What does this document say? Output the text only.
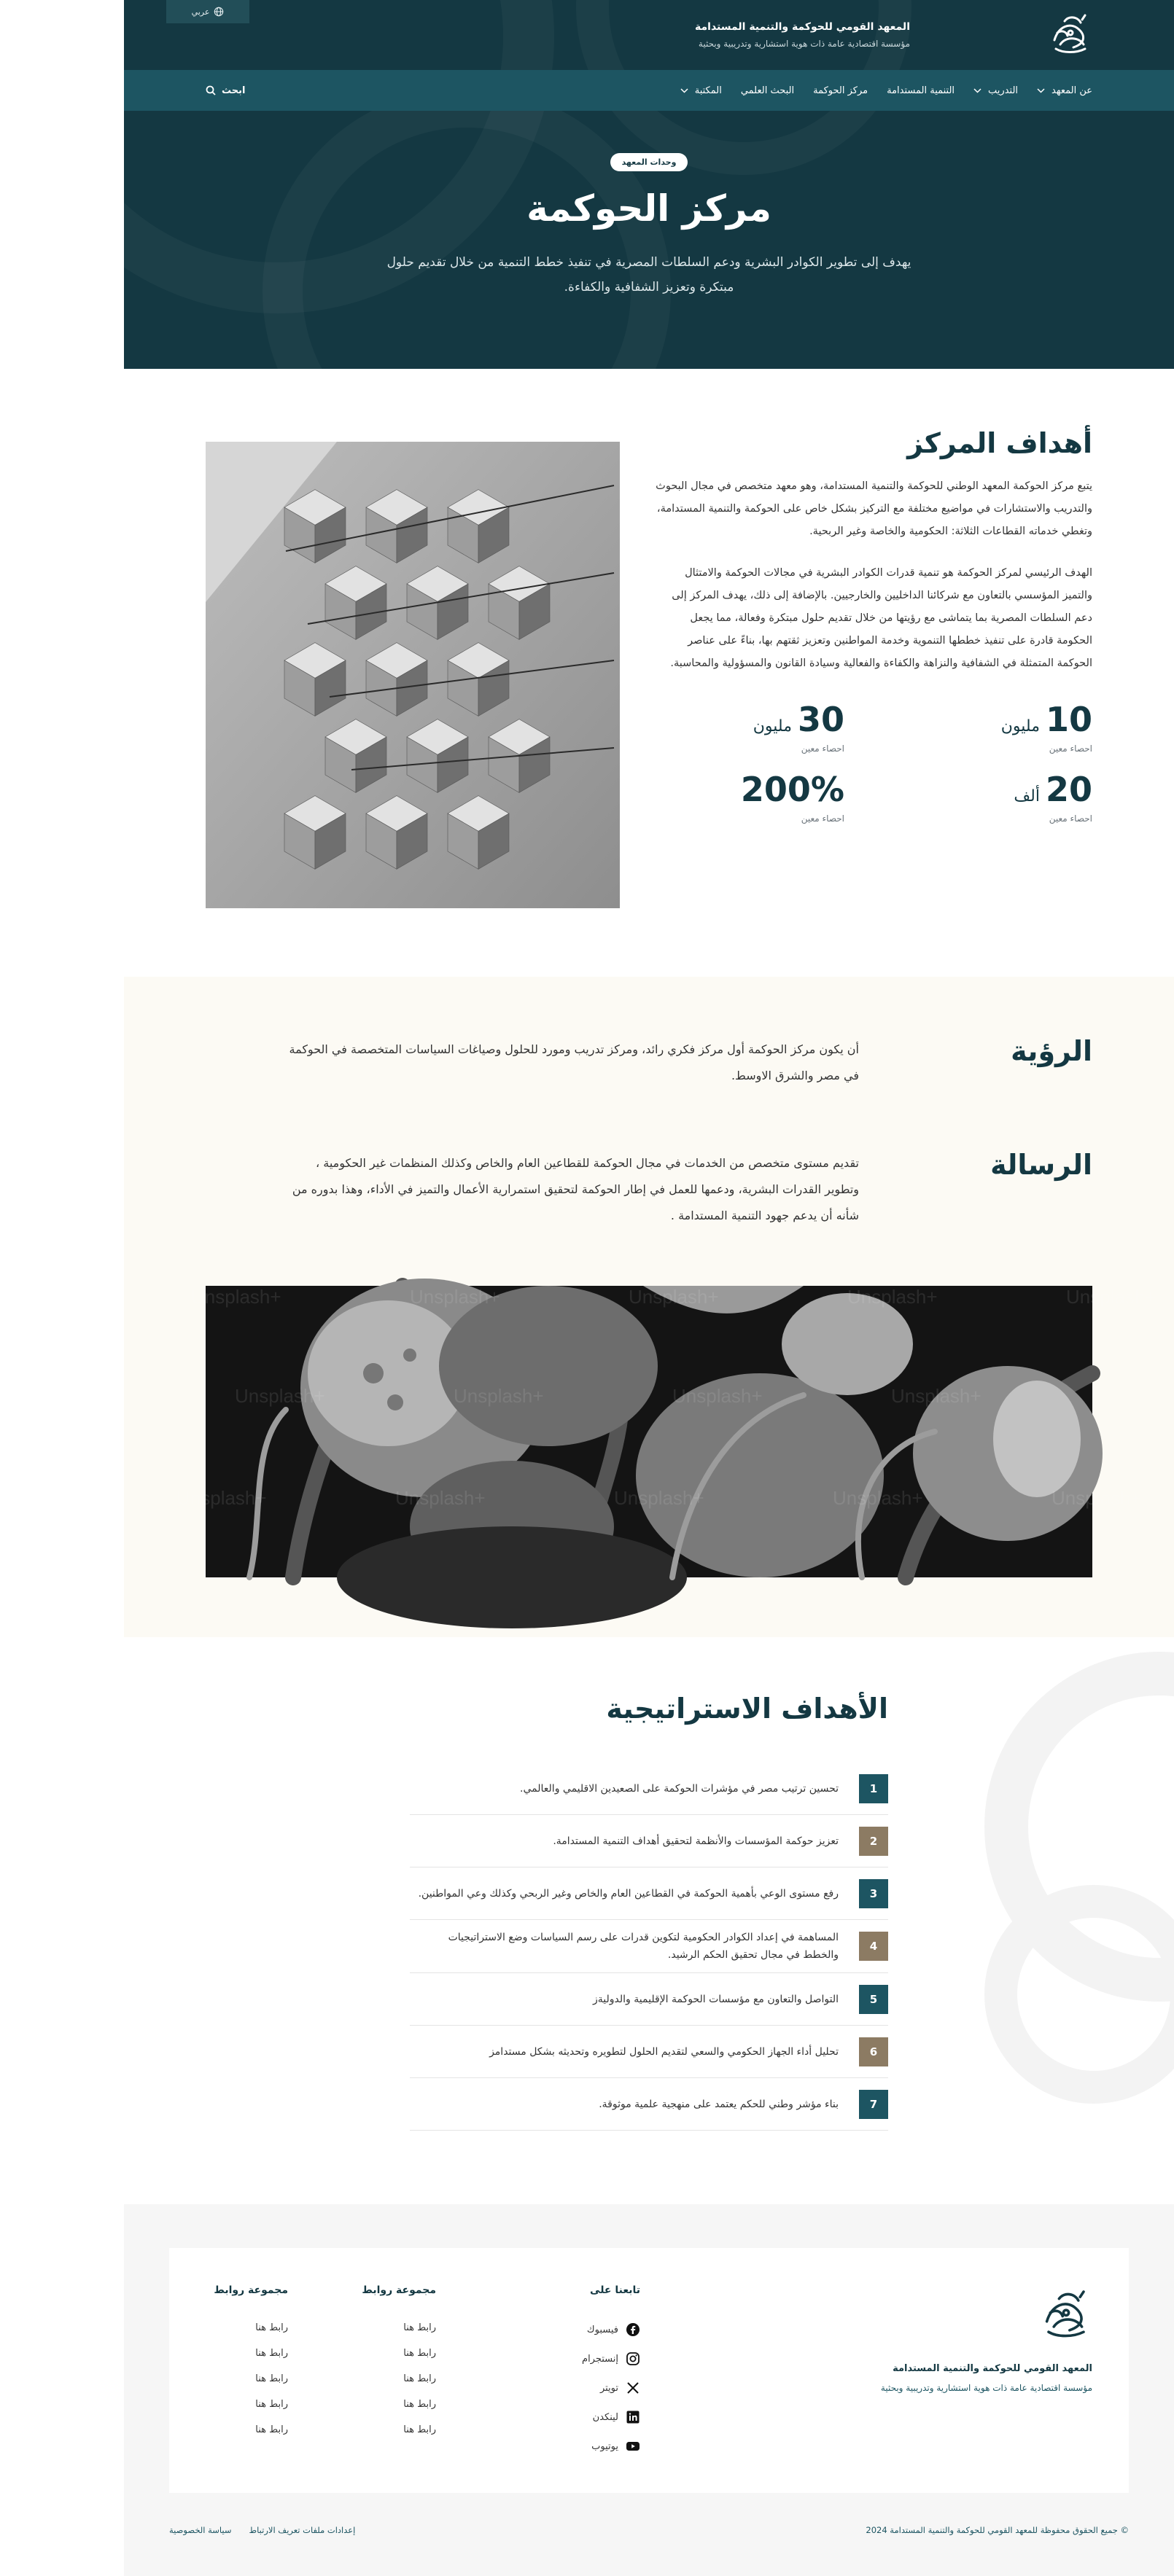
المعهد القومي للحوكمة والتنمية المستدامة
مؤسسة اقتصادية عامة ذات هوية استشارية وتدريبية وبحثية
عربي
عن المعهد
التدريب
التنمية المستدامة
مركز الحوكمة
البحث العلمي
المكتبة
ابحث
وحدات المعهد
مركز الحوكمة

يهدف إلى تطوير الكوادر البشرية ودعم السلطات المصرية في تنفيذ خطط التنمية من خلال تقديم حلول مبتكرة وتعزيز الشفافية والكفاءة.

أهداف المركز

يتبع مركز الحوكمة المعهد الوطني للحوكمة والتنمية المستدامة، وهو معهد متخصص في مجال البحوث والتدريب والاستشارات في مواضيع مختلفة مع التركيز بشكل خاص على الحوكمة والتنمية المستدامة، وتغطي خدماته القطاعات الثلاثة: الحكومية والخاصة وغير الربحية.

الهدف الرئيسي لمركز الحوكمة هو تنمية قدرات الكوادر البشرية في مجالات الحوكمة والامتثال والتميز المؤسسي بالتعاون مع شركائنا الداخليين والخارجيين. بالإضافة إلى ذلك، يهدف المركز إلى دعم السلطات المصرية بما يتماشى مع رؤيتها من خلال تقديم حلول مبتكرة وفعالة، مما يجعل الحكومة قادرة على تنفيذ خططها التنموية وخدمة المواطنين وتعزيز ثقتهم بها، بناءً على عناصر الحوكمة المتمثلة في الشفافية والنزاهة والكفاءة والفعالية وسيادة القانون والمسؤولية والمحاسبة.

10
مليون
احصاء معين
30
مليون
احصاء معين
20
ألف
احصاء معين
200%
احصاء معين
الرؤية

أن يكون مركز الحوكمة أول مركز فكري رائد، ومركز تدريب ومورد للحلول وصياغات السياسات المتخصصة في الحوكمة في مصر والشرق الاوسط.

الرسالة

تقديم مستوى متخصص من الخدمات في مجال الحوكمة للقطاعين العام والخاص وكذلك المنظمات غير الحكومية ، وتطوير القدرات البشرية، ودعمها للعمل في إطار الحوكمة لتحقيق استمرارية الأعمال والتميز في الأداء، وهذا بدوره من شأنه أن يدعم جهود التنمية المستدامة .

Unsplash+	Unsplash+	Unsplash+	Unsplash+	Unsplash+
Unsplash+	Unsplash+	Unsplash+	Unsplash+
Unsplash+	Unsplash+	Unsplash+	Unsplash+	Unsplash+
الأهداف الاستراتيجية
1
تحسين ترتيب مصر في مؤشرات الحوكمة على الصعيدين الاقليمي والعالمي.
2
تعزيز حوكمة المؤسسات والأنظمة لتحقيق أهداف التنمية المستدامة.
3
رفع مستوى الوعي بأهمية الحوكمة في القطاعين العام والخاص وغير الربحي وكذلك وعي المواطنين.
4
المساهمة في إعداد الكوادر الحكومية لتكوين قدرات على رسم السياسات وضع الاستراتيجيات والخطط في مجال تحقيق الحكم الرشيد.
5
التواصل والتعاون مع مؤسسات الحوكمة الإقليمية والدوليةز
6
تحليل أداء الجهاز الحكومي والسعي لتقديم الحلول لتطويره وتحديثه بشكل مستدامز
7
بناء مؤشر وطني للحكم يعتمد على منهجية علمية موثوقة.
المعهد القومي للحوكمة والتنمية المستدامة
مؤسسة اقتصادية عامة ذات هوية استشارية وتدريبية وبحثية
تابعنا على
فيسبوك
إنستجرام
تويتر
لينكدن
يوتيوب
مجموعة روابط
رابط هنا
رابط هنا
رابط هنا
رابط هنا
رابط هنا
مجموعة روابط
رابط هنا
رابط هنا
رابط هنا
رابط هنا
رابط هنا
© جميع الحقوق محفوظة للمعهد القومي للحوكمة والتنمية المستدامة 2024
إعدادات ملفات تعريف الارتباط
سياسة الخصوصية
